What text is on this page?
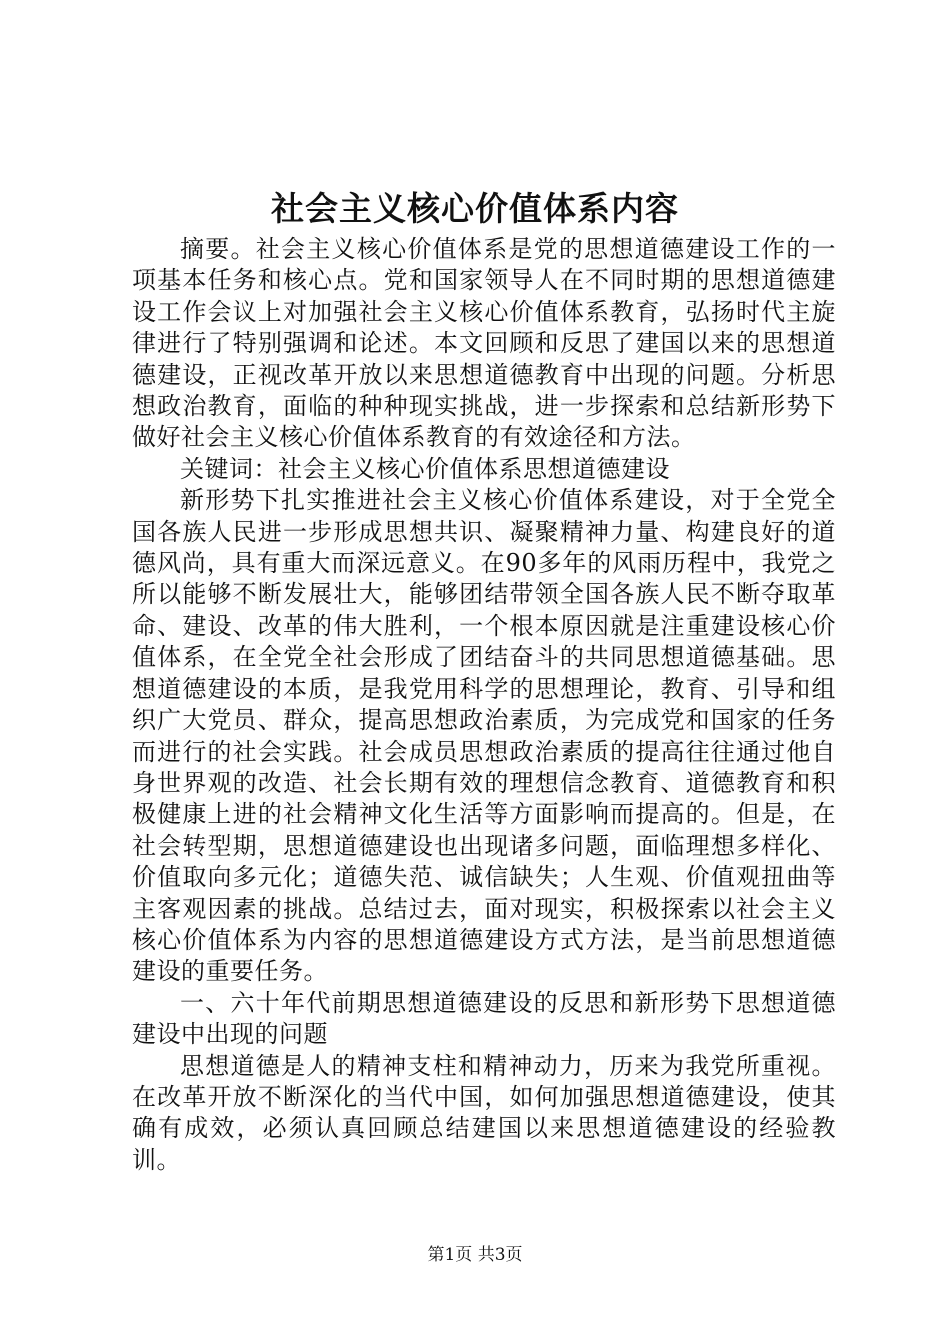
社会主义核心价值体系内容

摘要。社会主义核心价值体系是党的思想道德建设工作的一项基本任务和核心点。党和国家领导人在不同时期的思想道德建设工作会议上对加强社会主义核心价值体系教育，弘扬时代主旋律进行了特别强调和论述。本文回顾和反思了建国以来的思想道德建设，正视改革开放以来思想道德教育中出现的问题。分析思想政治教育，面临的种种现实挑战，进一步探索和总结新形势下做好社会主义核心价值体系教育的有效途径和方法。

关键词：社会主义核心价值体系思想道德建设

新形势下扎实推进社会主义核心价值体系建设，对于全党全国各族人民进一步形成思想共识、凝聚精神力量、构建良好的道德风尚，具有重大而深远意义。在90多年的风雨历程中，我党之所以能够不断发展壮大，能够团结带领全国各族人民不断夺取革命、建设、改革的伟大胜利，一个根本原因就是注重建设核心价值体系，在全党全社会形成了团结奋斗的共同思想道德基础。思想道德建设的本质，是我党用科学的思想理论，教育、引导和组织广大党员、群众，提高思想政治素质，为完成党和国家的任务而进行的社会实践。社会成员思想政治素质的提高往往通过他自身世界观的改造、社会长期有效的理想信念教育、道德教育和积极健康上进的社会精神文化生活等方面影响而提高的。但是，在社会转型期，思想道德建设也出现诸多问题，面临理想多样化、价值取向多元化；道德失范、诚信缺失；人生观、价值观扭曲等主客观因素的挑战。总结过去，面对现实，积极探索以社会主义核心价值体系为内容的思想道德建设方式方法，是当前思想道德建设的重要任务。

一、六十年代前期思想道德建设的反思和新形势下思想道德建设中出现的问题

思想道德是人的精神支柱和精神动力，历来为我党所重视。在改革开放不断深化的当代中国，如何加强思想道德建设，使其确有成效，必须认真回顾总结建国以来思想道德建设的经验教训。

第1页 共3页
